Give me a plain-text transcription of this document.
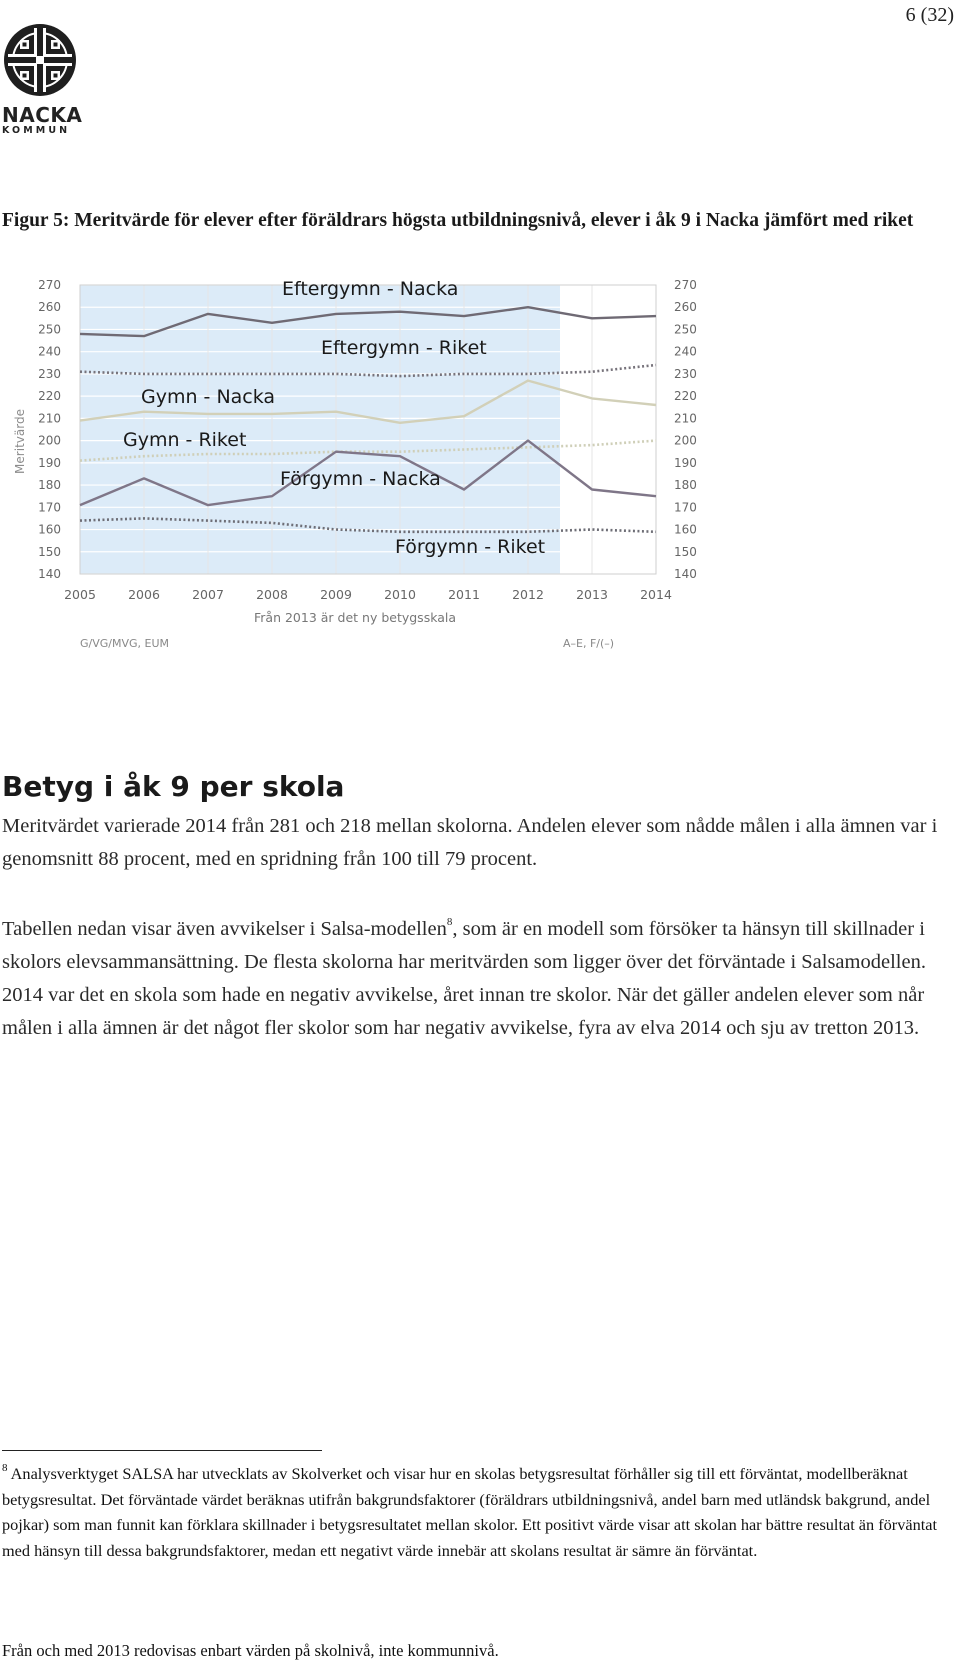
6 (32)
NACKA
KOMMUN
Figur 5: Meritvärde för elever efter föräldrars högsta utbildningsnivå, elever i åk 9 i Nacka jämfört med riket
140	140
150	150
160	160
170	170
180	180
190	190
200	200
210	210
220	220
230	230
240	240
250	250
260	260
270	270
2005	2006	2007	2008	2009	2010	2011	2012	2013	2014
Meritvärde
Från 2013 är det ny betygsskala
G/VG/MVG, EUM	A–E, F/(–)
Eftergymn - Nacka
Eftergymn - Riket
Gymn - Nacka
Gymn - Riket
Förgymn - Nacka
Förgymn - Riket
Betyg i åk 9 per skola
Meritvärdet varierade 2014 från 281 och 218 mellan skolorna. Andelen elever som nådde målen i alla ämnen var i genomsnitt 88 procent, med en spridning från 100 till 79 procent.
Tabellen nedan visar även avvikelser i Salsa-modellen$^8$, som är en modell som försöker ta hänsyn till skillnader i skolors elevsammansättning. De flesta skolorna har meritvärden som ligger över det förväntade i Salsamodellen. 2014 var det en skola som hade en negativ avvikelse, året innan tre skolor. När det gäller andelen elever som når målen i alla ämnen är det något fler skolor som har negativ avvikelse, fyra av elva 2014 och sju av tretton 2013.
$^8$ Analysverktyget SALSA har utvecklats av Skolverket och visar hur en skolas betygsresultat förhåller sig till ett förväntat, modellberäknat betygsresultat. Det förväntade värdet beräknas utifrån bakgrundsfaktorer (föräldrars utbildningsnivå, andel barn med utländsk bakgrund, andel pojkar) som man funnit kan förklara skillnader i betygsresultatet mellan skolor. Ett positivt värde visar att skolan har bättre resultat än förväntat med hänsyn till dessa bakgrundsfaktorer, medan ett negativt värde innebär att skolans resultat är sämre än förväntat.
Från och med 2013 redovisas enbart värden på skolnivå, inte kommunnivå.
